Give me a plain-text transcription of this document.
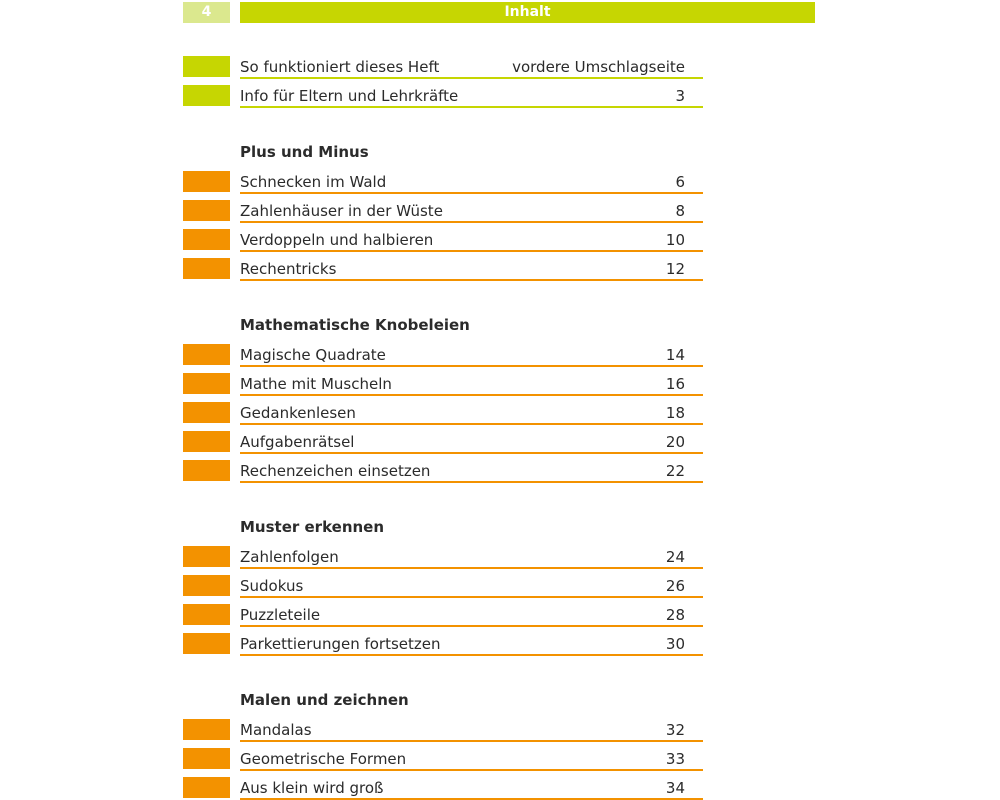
4	Inhalt
So funktioniert dieses Heft	vordere Umschlagseite
Info für Eltern und Lehrkräfte	3
Plus und Minus
Schnecken im Wald	6
Zahlenhäuser in der Wüste	8
Verdoppeln und halbieren	10
Rechentricks	12
Mathematische Knobeleien
Magische Quadrate	14
Mathe mit Muscheln	16
Gedankenlesen	18
Aufgabenrätsel	20
Rechenzeichen einsetzen	22
Muster erkennen
Zahlenfolgen	24
Sudokus	26
Puzzleteile	28
Parkettierungen fortsetzen	30
Malen und zeichnen
Mandalas	32
Geometrische Formen	33
Aus klein wird groß	34
